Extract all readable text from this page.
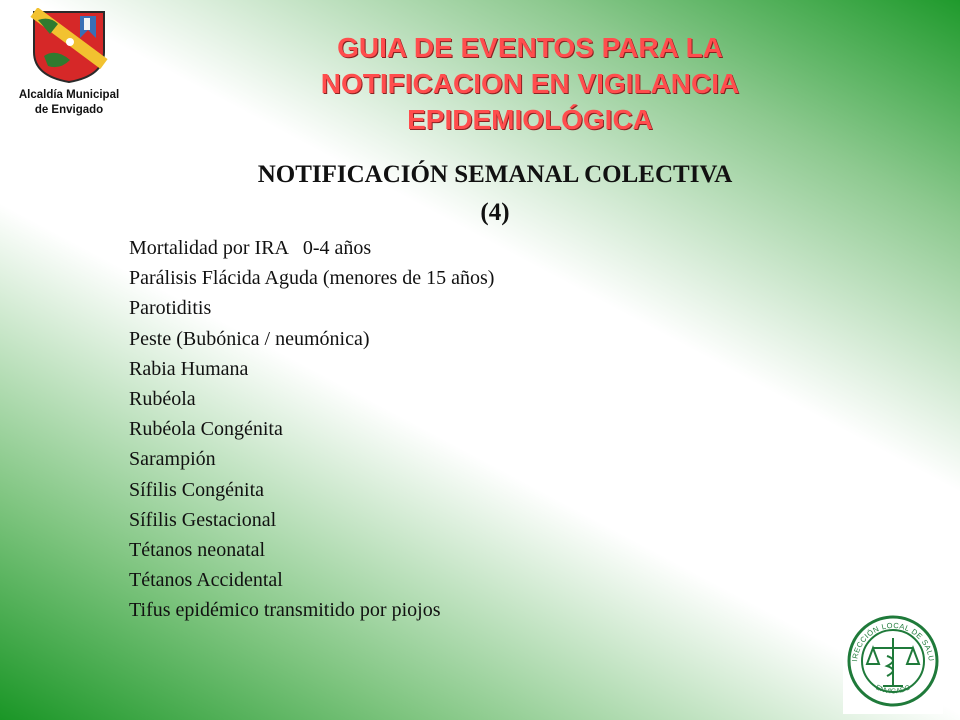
Alcaldía Municipal
de Envigado
GUIA DE EVENTOS PARA LA
NOTIFICACION EN VIGILANCIA
EPIDEMIOLÓGICA
NOTIFICACIÓN SEMANAL COLECTIVA
(4)
Mortalidad por IRA   0-4 años
Parálisis Flácida Aguda (menores de 15 años)
Parotiditis
Peste (Bubónica / neumónica)
Rabia Humana
Rubéola
Rubéola Congénita
Sarampión
Sífilis Congénita
Sífilis Gestacional
Tétanos neonatal
Tétanos Accidental
Tifus epidémico transmitido por piojos
IRECCIÓN LOCAL DE SALU
ENVIGADO
